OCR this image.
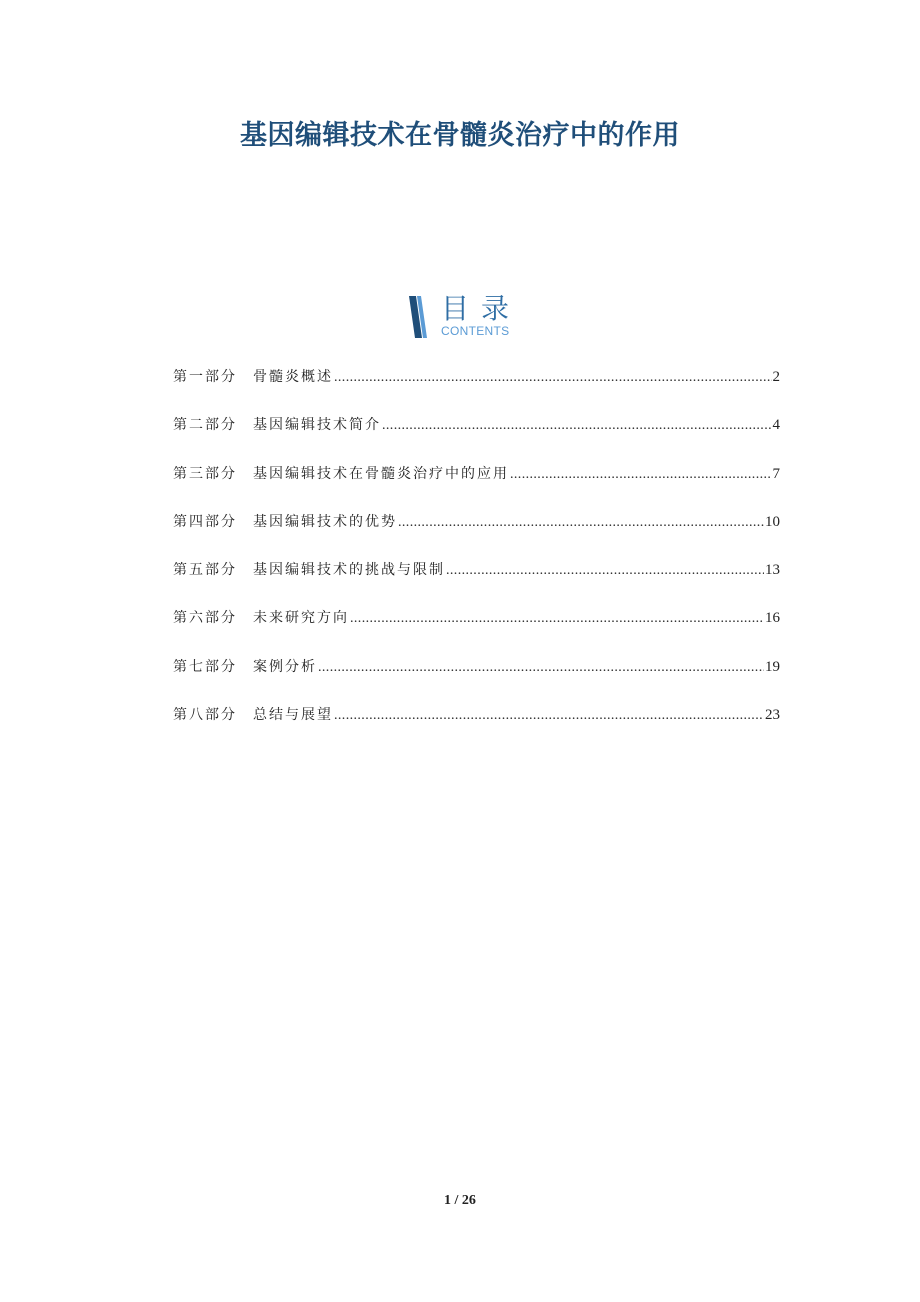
基因编辑技术在骨髓炎治疗中的作用
目录
CONTENTS
第一部分	骨髓炎概述 .....	2
第二部分	基因编辑技术简介 .....	4
第三部分	基因编辑技术在骨髓炎治疗中的应用 .....	7
第四部分	基因编辑技术的优势 .....	10
第五部分	基因编辑技术的挑战与限制 .....	13
第六部分	未来研究方向 .....	16
第七部分	案例分析 .....	19
第八部分	总结与展望 .....	23
1 / 26
